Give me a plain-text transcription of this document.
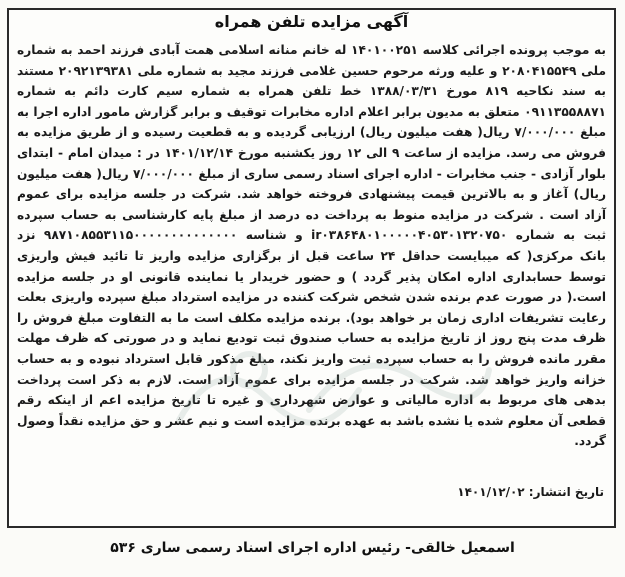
آگهی مزایده تلفن همراه

به موجب پرونده اجرائی کلاسه ۱۴۰۱۰۰۲۵۱ له خانم منانه اسلامی همت آبادی فرزند احمد به شماره ملی ۲۰۸۰۴۱۵۵۴۹ و علیه ورثه مرحوم حسین غلامی فرزند مجید به شماره ملی ۲۰۹۲۱۳۹۳۸۱ مستند به سند نکاحیه ۸۱۹ مورخ ۱۳۸۸/۰۳/۳۱ خط تلفن همراه به شماره سیم کارت دائم به شماره ۰۹۱۱۳۵۵۸۸۷۱ متعلق به مدیون برابر اعلام اداره مخابرات توقیف و برابر گزارش مامور اداره اجرا به مبلغ ۷/۰۰۰/۰۰۰ ریال( هفت میلیون ریال) ارزیابی گردیده و به قطعیت رسیده و از طریق مزایده به فروش می رسد. مزایده از ساعت ۹ الی ۱۲ روز یکشنبه مورخ ۱۴۰۱/۱۲/۱۴ در : میدان امام - ابتدای بلوار آزادی - جنب مخابرات - اداره اجرای اسناد رسمی ساری از مبلغ ۷/۰۰۰/۰۰۰ ریال( هفت میلیون ریال) آغاز و به بالاترین قیمت پیشنهادی فروخته خواهد شد. شرکت در جلسه مزایده برای عموم آزاد است . شرکت در مزایده منوط به پرداخت ده درصد از مبلغ پایه کارشناسی به حساب سپرده ثبت به شماره ir۰۳۸۶۴۸۰۱۰۰۰۰۰۴۰۵۳۰۱۳۲۰۷۵۰ و شناسه ۹۸۷۱۰۸۵۵۳۱۱۵۰۰۰۰۰۰۰۰۰۰۰۰۰۰ نزد بانک مرکزی( که میبایست حداقل ۲۴ ساعت قبل از برگزاری مزایده واریز تا تائید فیش واریزی توسط حسابداری اداره امکان پذیر گردد ) و حضور خریدار یا نماینده قانونی او در جلسه مزایده است.( در صورت عدم برنده شدن شخص شرکت کننده در مزایده استرداد مبلغ سپرده واریزی بعلت رعایت تشریفات اداری زمان بر خواهد بود). برنده مزایده مکلف است ما به التفاوت مبلغ فروش را ظرف مدت پنج روز از تاریخ مزایده به حساب صندوق ثبت تودیع نماید و در صورتی که ظرف مهلت مقرر مانده فروش را به حساب سپرده ثبت واریز نکند، مبلغ مذکور قابل استرداد نبوده و به حساب خزانه واریز خواهد شد. شرکت در جلسه مزایده برای عموم آزاد است. لازم به ذکر است پرداخت بدهی های مربوط به اداره مالیاتی و عوارض شهرداری و غیره تا تاریخ مزایده اعم از اینکه رقم قطعی آن معلوم شده یا نشده باشد به عهده برنده مزایده است و نیم عشر و حق مزایده نقداً وصول گردد.

تاریخ انتشار: ۱۴۰۱/۱۲/۰۲
اسمعیل خالقی- رئیس اداره اجرای اسناد رسمی ساری ۵۳۶
